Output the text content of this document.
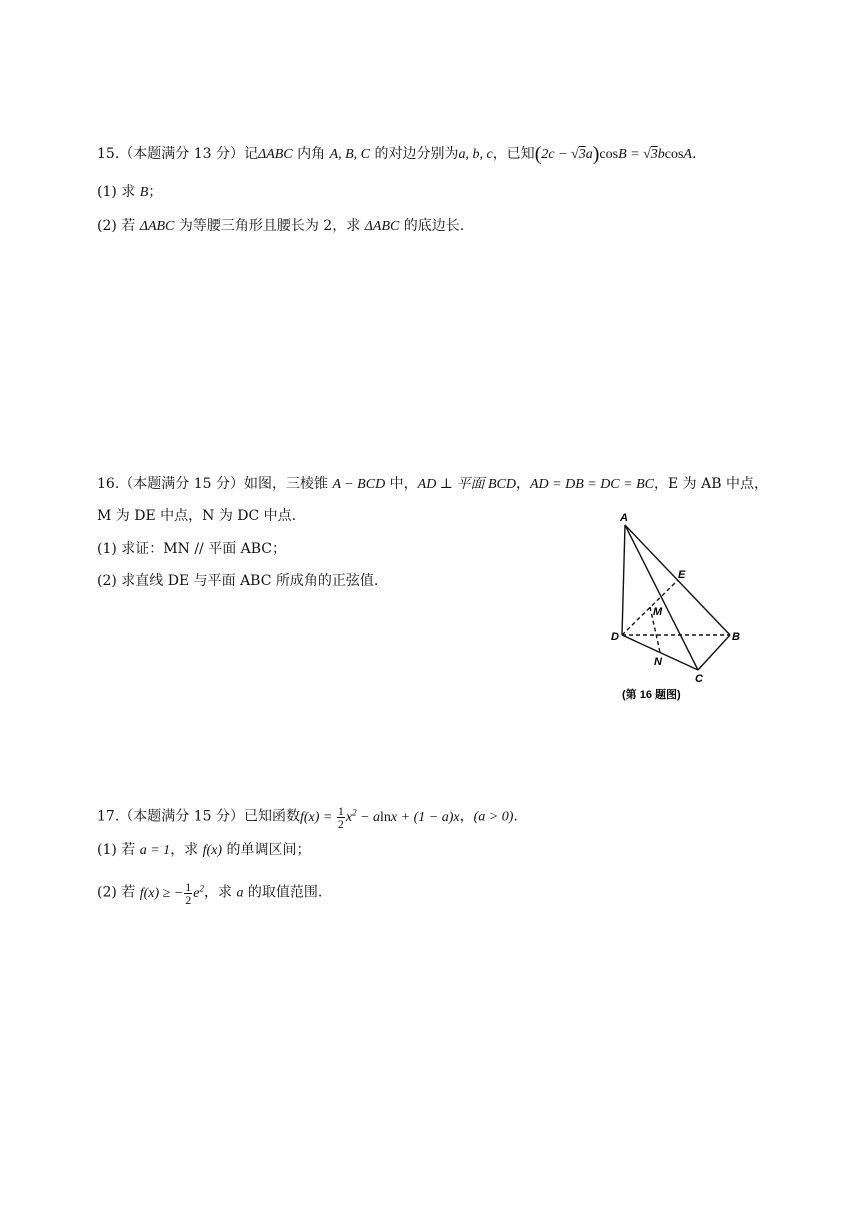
15.（本题满分 13 分）记ΔABC 内角 A, B, C 的对边分别为a, b, c，已知(2c − √3a)cosB = √3bcosA.
(1) 求 B；
(2) 若 ΔABC 为等腰三角形且腰长为 2，求 ΔABC 的底边长.
16.（本题满分 15 分）如图，三棱锥 A − BCD 中，AD ⊥ 平面 BCD，AD = DB = DC = BC，E 为 AB 中点，
M 为 DE 中点，N 为 DC 中点.
(1) 求证：MN // 平面 ABC；
(2) 求直线 DE 与平面 ABC 所成角的正弦值.
A
E
M
D	B
N
C
(第 16 题图)
17.（本题满分 15 分）已知函数$f(x) = \frac{1}{2} x^2 - alnx + (1 - a)x$，(a > 0).
(1) 若 a = 1，求 f(x) 的单调区间；
(2) 若 f(x) ≥ − $\frac{1}{2} e^2$，求 a 的取值范围.
